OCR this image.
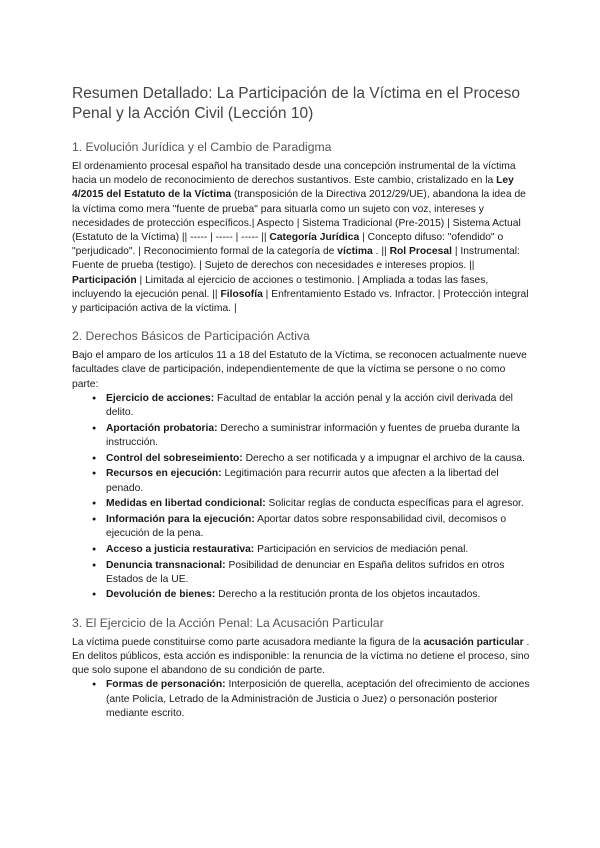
Resumen Detallado: La Participación de la Víctima en el Proceso Penal y la Acción Civil (Lección 10)
1. Evolución Jurídica y el Cambio de Paradigma

El ordenamiento procesal español ha transitado desde una concepción instrumental de la víctima hacia un modelo de reconocimiento de derechos sustantivos. Este cambio, cristalizado en la Ley 4/2015 del Estatuto de la Víctima (transposición de la Directiva 2012/29/UE), abandona la idea de la víctima como mera "fuente de prueba" para situarla como un sujeto con voz, intereses y necesidades de protección específicos.| Aspecto | Sistema Tradicional (Pre-2015) | Sistema Actual (Estatuto de la Víctima) || ----- | ----- | ----- || Categoría Jurídica | Concepto difuso: "ofendido" o "perjudicado". | Reconocimiento formal de la categoría de víctima . || Rol Procesal | Instrumental: Fuente de prueba (testigo). | Sujeto de derechos con necesidades e intereses propios. || Participación | Limitada al ejercicio de acciones o testimonio. | Ampliada a todas las fases, incluyendo la ejecución penal. || Filosofía | Enfrentamiento Estado vs. Infractor. | Protección integral y participación activa de la víctima. |

2. Derechos Básicos de Participación Activa

Bajo el amparo de los artículos 11 a 18 del Estatuto de la Víctima, se reconocen actualmente nueve facultades clave de participación, independientemente de que la víctima se persone o no como parte:

● Ejercicio de acciones: Facultad de entablar la acción penal y la acción civil derivada del delito.
● Aportación probatoria: Derecho a suministrar información y fuentes de prueba durante la instrucción.
● Control del sobreseimiento: Derecho a ser notificada y a impugnar el archivo de la causa.
● Recursos en ejecución: Legitimación para recurrir autos que afecten a la libertad del penado.
● Medidas en libertad condicional: Solicitar reglas de conducta específicas para el agresor.
● Información para la ejecución: Aportar datos sobre responsabilidad civil, decomisos o ejecución de la pena.
● Acceso a justicia restaurativa: Participación en servicios de mediación penal.
● Denuncia transnacional: Posibilidad de denunciar en España delitos sufridos en otros Estados de la UE.
● Devolución de bienes: Derecho a la restitución pronta de los objetos incautados.
3. El Ejercicio de la Acción Penal: La Acusación Particular

La víctima puede constituirse como parte acusadora mediante la figura de la acusación particular . En delitos públicos, esta acción es indisponible: la renuncia de la víctima no detiene el proceso, sino que solo supone el abandono de su condición de parte.

● Formas de personación: Interposición de querella, aceptación del ofrecimiento de acciones (ante Policía, Letrado de la Administración de Justicia o Juez) o personación posterior mediante escrito.
